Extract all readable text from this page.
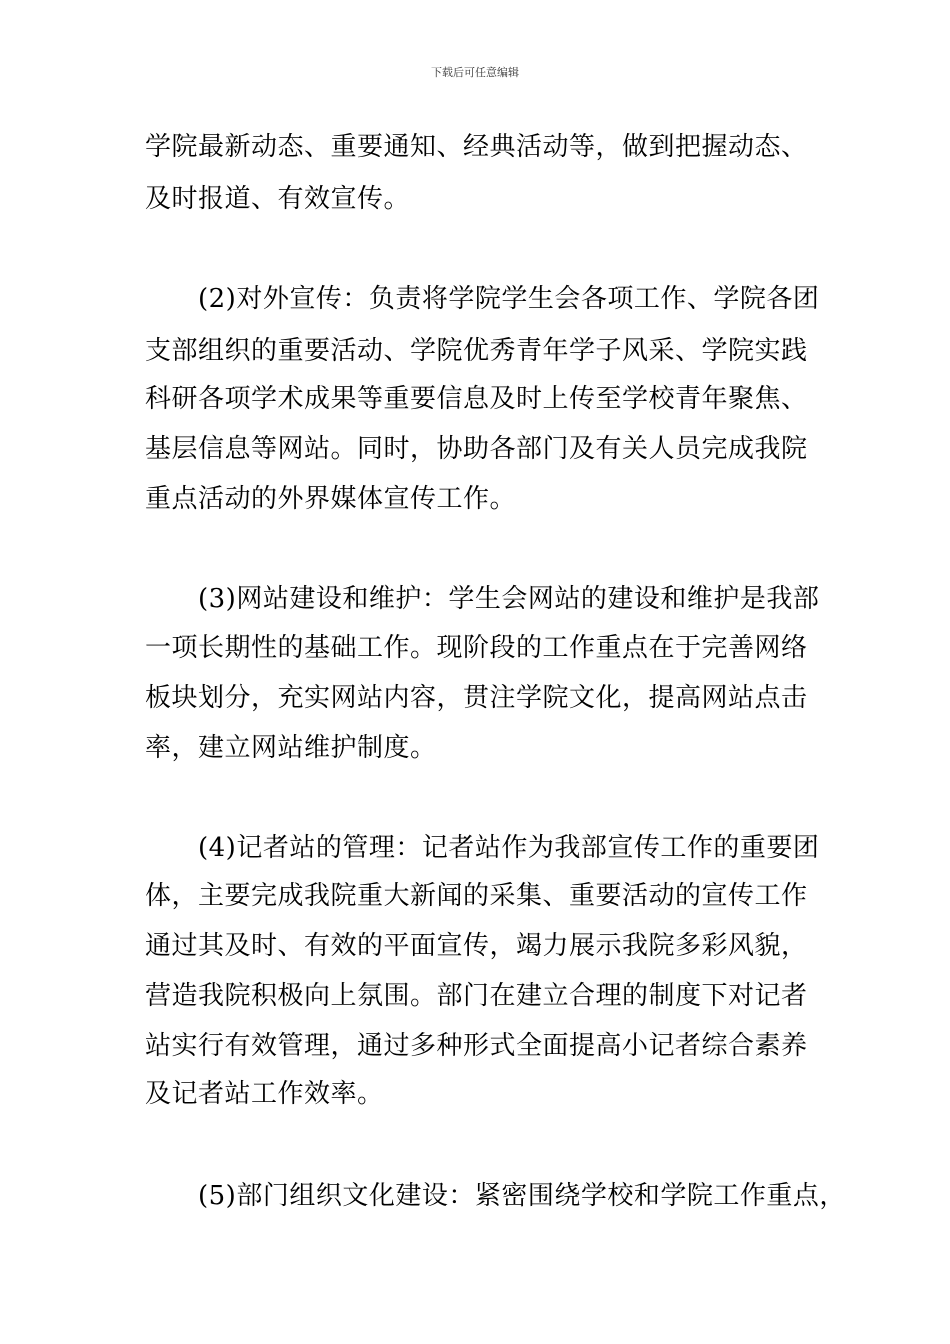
下载后可任意编辑
学院最新动态、重要通知、经典活动等，做到把握动态、
及时报道、有效宣传。
(2)对外宣传：负责将学院学生会各项工作、学院各团
支部组织的重要活动、学院优秀青年学子风采、学院实践
科研各项学术成果等重要信息及时上传至学校青年聚焦、
基层信息等网站。同时，协助各部门及有关人员完成我院
重点活动的外界媒体宣传工作。
(3)网站建设和维护：学生会网站的建设和维护是我部
一项长期性的基础工作。现阶段的工作重点在于完善网络
板块划分，充实网站内容，贯注学院文化，提高网站点击
率，建立网站维护制度。
(4)记者站的管理：记者站作为我部宣传工作的重要团
体，主要完成我院重大新闻的采集、重要活动的宣传工作
通过其及时、有效的平面宣传，竭力展示我院多彩风貌，
营造我院积极向上氛围。部门在建立合理的制度下对记者
站实行有效管理，通过多种形式全面提高小记者综合素养
及记者站工作效率。
(5)部门组织文化建设：紧密围绕学校和学院工作重点，
